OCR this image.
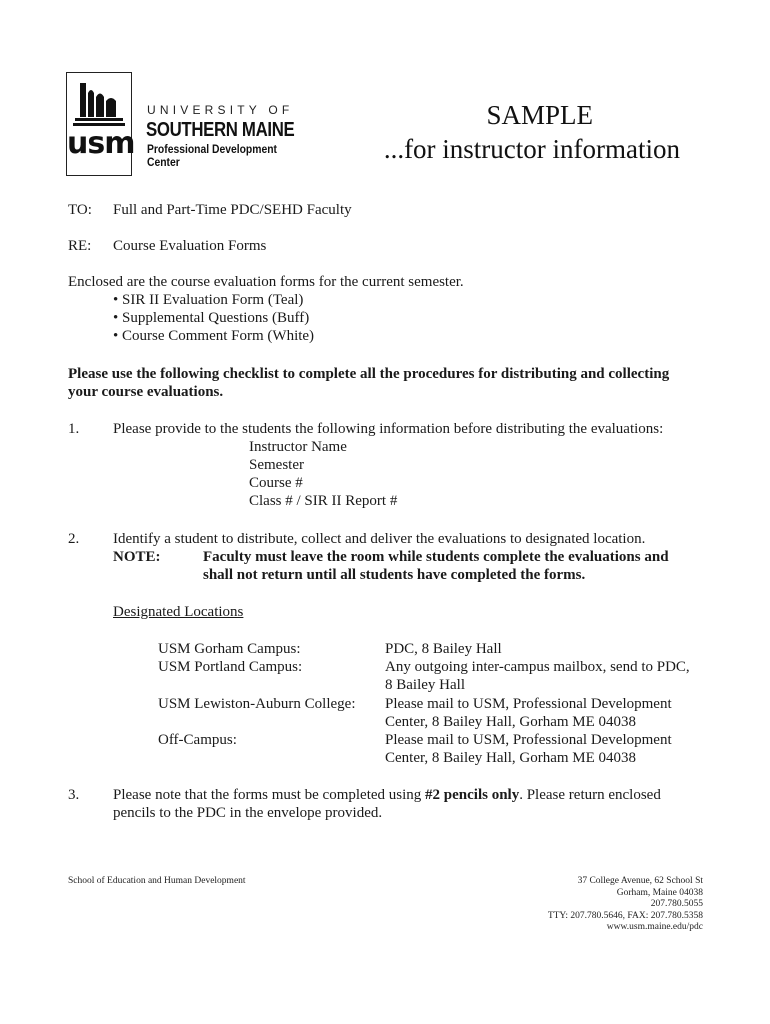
usm
UNIVERSITY OF
SOUTHERN MAINE
Professional Development
Center
SAMPLE
...for instructor information
TO: Full and Part-Time PDC/SEHD Faculty
RE: Course Evaluation Forms
Enclosed are the course evaluation forms for the current semester.
• SIR II Evaluation Form (Teal)
• Supplemental Questions (Buff)
• Course Comment Form (White)
Please use the following checklist to complete all the procedures for distributing and collecting
your course evaluations.
1. Please provide to the students the following information before distributing the evaluations:
Instructor Name
Semester
Course #
Class # / SIR II Report #
2. Identify a student to distribute, collect and deliver the evaluations to designated location.
NOTE:	Faculty must leave the room while students complete the evaluations and
shall not return until all students have completed the forms.
Designated Locations
USM Gorham Campus:	PDC, 8 Bailey Hall
USM Portland Campus:	Any outgoing inter-campus mailbox, send to PDC,
8 Bailey Hall
USM Lewiston-Auburn College: Please mail to USM, Professional Development
Center, 8 Bailey Hall, Gorham ME 04038
Off-Campus:	Please mail to USM, Professional Development
Center, 8 Bailey Hall, Gorham ME 04038
3. Please note that the forms must be completed using #2 pencils only. Please return enclosed
pencils to the PDC in the envelope provided.
School of Education and Human Development	37 College Avenue, 62 School St
Gorham, Maine 04038
207.780.5055
TTY: 207.780.5646, FAX: 207.780.5358
www.usm.maine.edu/pdc
